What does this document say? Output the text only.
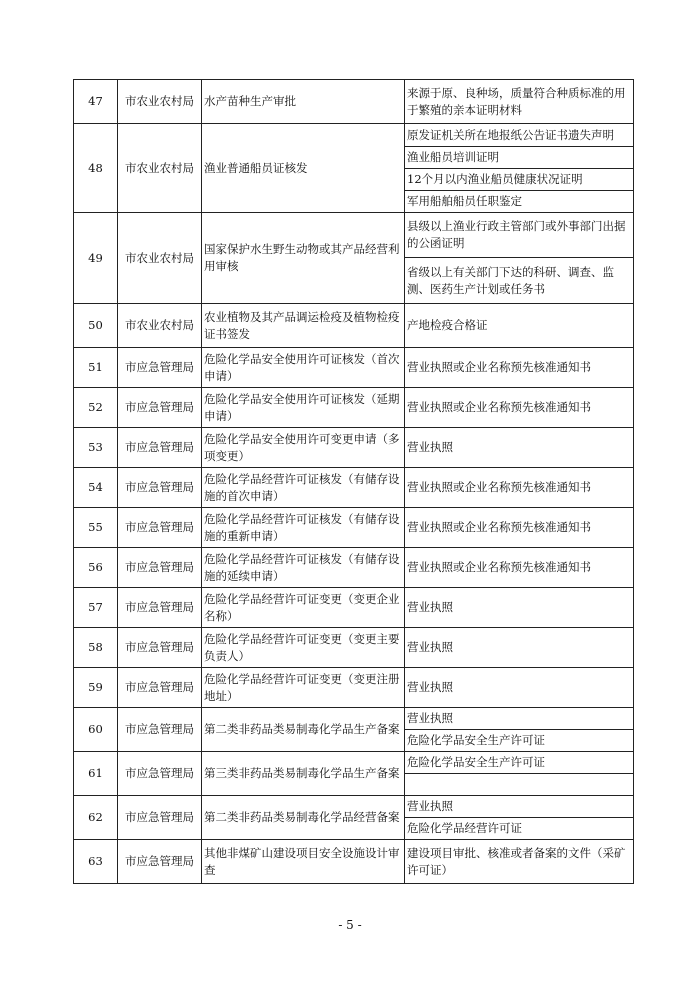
47	市农业农村局	水产苗种生产审批	来源于原、良种场，质量符合种质标准的用于繁殖的亲本证明材料
48	市农业农村局	渔业普通船员证核发	原发证机关所在地报纸公告证书遗失声明
			渔业船员培训证明
			12个月以内渔业船员健康状况证明
			军用船舶船员任职鉴定
49	市农业农村局	国家保护水生野生动物或其产品经营利用审核	县级以上渔业行政主管部门或外事部门出据的公函证明
			省级以上有关部门下达的科研、调查、监测、医药生产计划或任务书
50	市农业农村局	农业植物及其产品调运检疫及植物检疫证书签发	产地检疫合格证
51	市应急管理局	危险化学品安全使用许可证核发（首次申请）	营业执照或企业名称预先核准通知书
52	市应急管理局	危险化学品安全使用许可证核发（延期申请）	营业执照或企业名称预先核准通知书
53	市应急管理局	危险化学品安全使用许可变更申请（多项变更）	营业执照
54	市应急管理局	危险化学品经营许可证核发（有储存设施的首次申请）	营业执照或企业名称预先核准通知书
55	市应急管理局	危险化学品经营许可证核发（有储存设施的重新申请）	营业执照或企业名称预先核准通知书
56	市应急管理局	危险化学品经营许可证核发（有储存设施的延续申请）	营业执照或企业名称预先核准通知书
57	市应急管理局	危险化学品经营许可证变更（变更企业名称）	营业执照
58	市应急管理局	危险化学品经营许可证变更（变更主要负责人）	营业执照
59	市应急管理局	危险化学品经营许可证变更（变更注册地址）	营业执照
60	市应急管理局	第二类非药品类易制毒化学品生产备案	营业执照
			危险化学品安全生产许可证
61	市应急管理局	第三类非药品类易制毒化学品生产备案	危险化学品安全生产许可证

62	市应急管理局	第二类非药品类易制毒化学品经营备案	营业执照
			危险化学品经营许可证
63	市应急管理局	其他非煤矿山建设项目安全设施设计审查	建设项目审批、核准或者备案的文件（采矿许可证）
- 5 -
